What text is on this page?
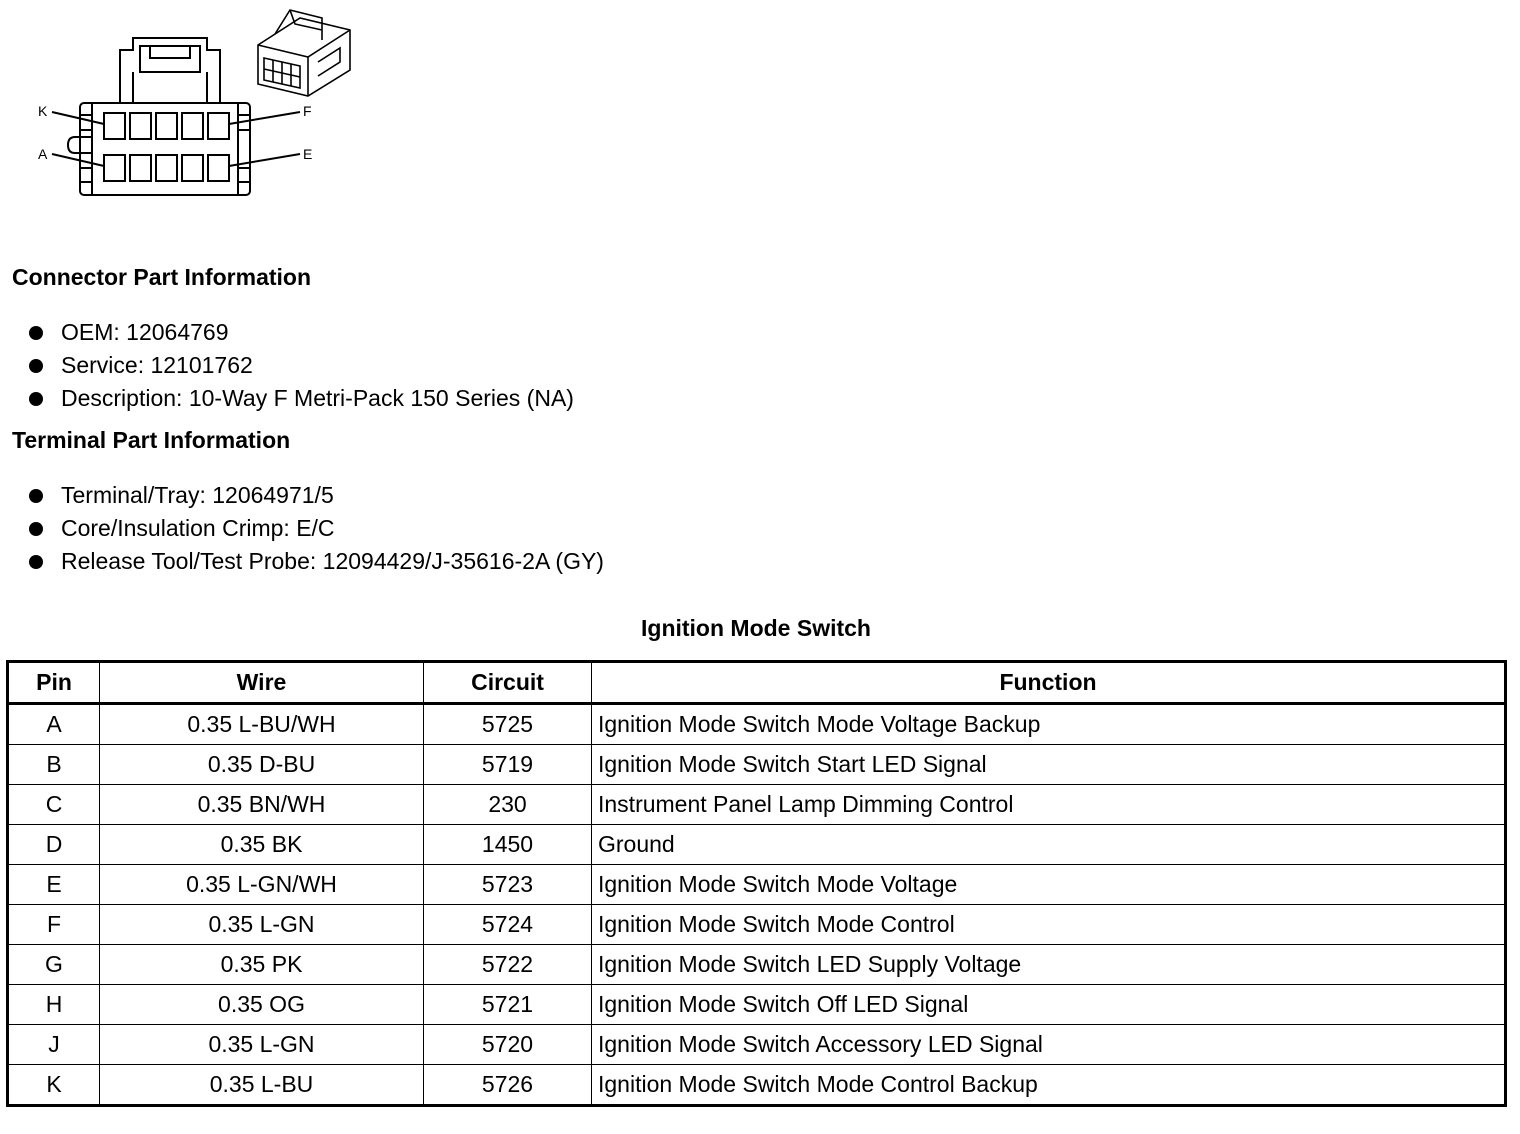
K
A
F
E
Connector Part Information
OEM: 12064769
Service: 12101762
Description: 10-Way F Metri-Pack 150 Series (NA)
Terminal Part Information
Terminal/Tray: 12064971/5
Core/Insulation Crimp: E/C
Release Tool/Test Probe: 12094429/J-35616-2A (GY)
Ignition Mode Switch
Pin	Wire	Circuit	Function
A	0.35 L-BU/WH	5725	Ignition Mode Switch Mode Voltage Backup
B	0.35 D-BU	5719	Ignition Mode Switch Start LED Signal
C	0.35 BN/WH	230	Instrument Panel Lamp Dimming Control
D	0.35 BK	1450	Ground
E	0.35 L-GN/WH	5723	Ignition Mode Switch Mode Voltage
F	0.35 L-GN	5724	Ignition Mode Switch Mode Control
G	0.35 PK	5722	Ignition Mode Switch LED Supply Voltage
H	0.35 OG	5721	Ignition Mode Switch Off LED Signal
J	0.35 L-GN	5720	Ignition Mode Switch Accessory LED Signal
K	0.35 L-BU	5726	Ignition Mode Switch Mode Control Backup
